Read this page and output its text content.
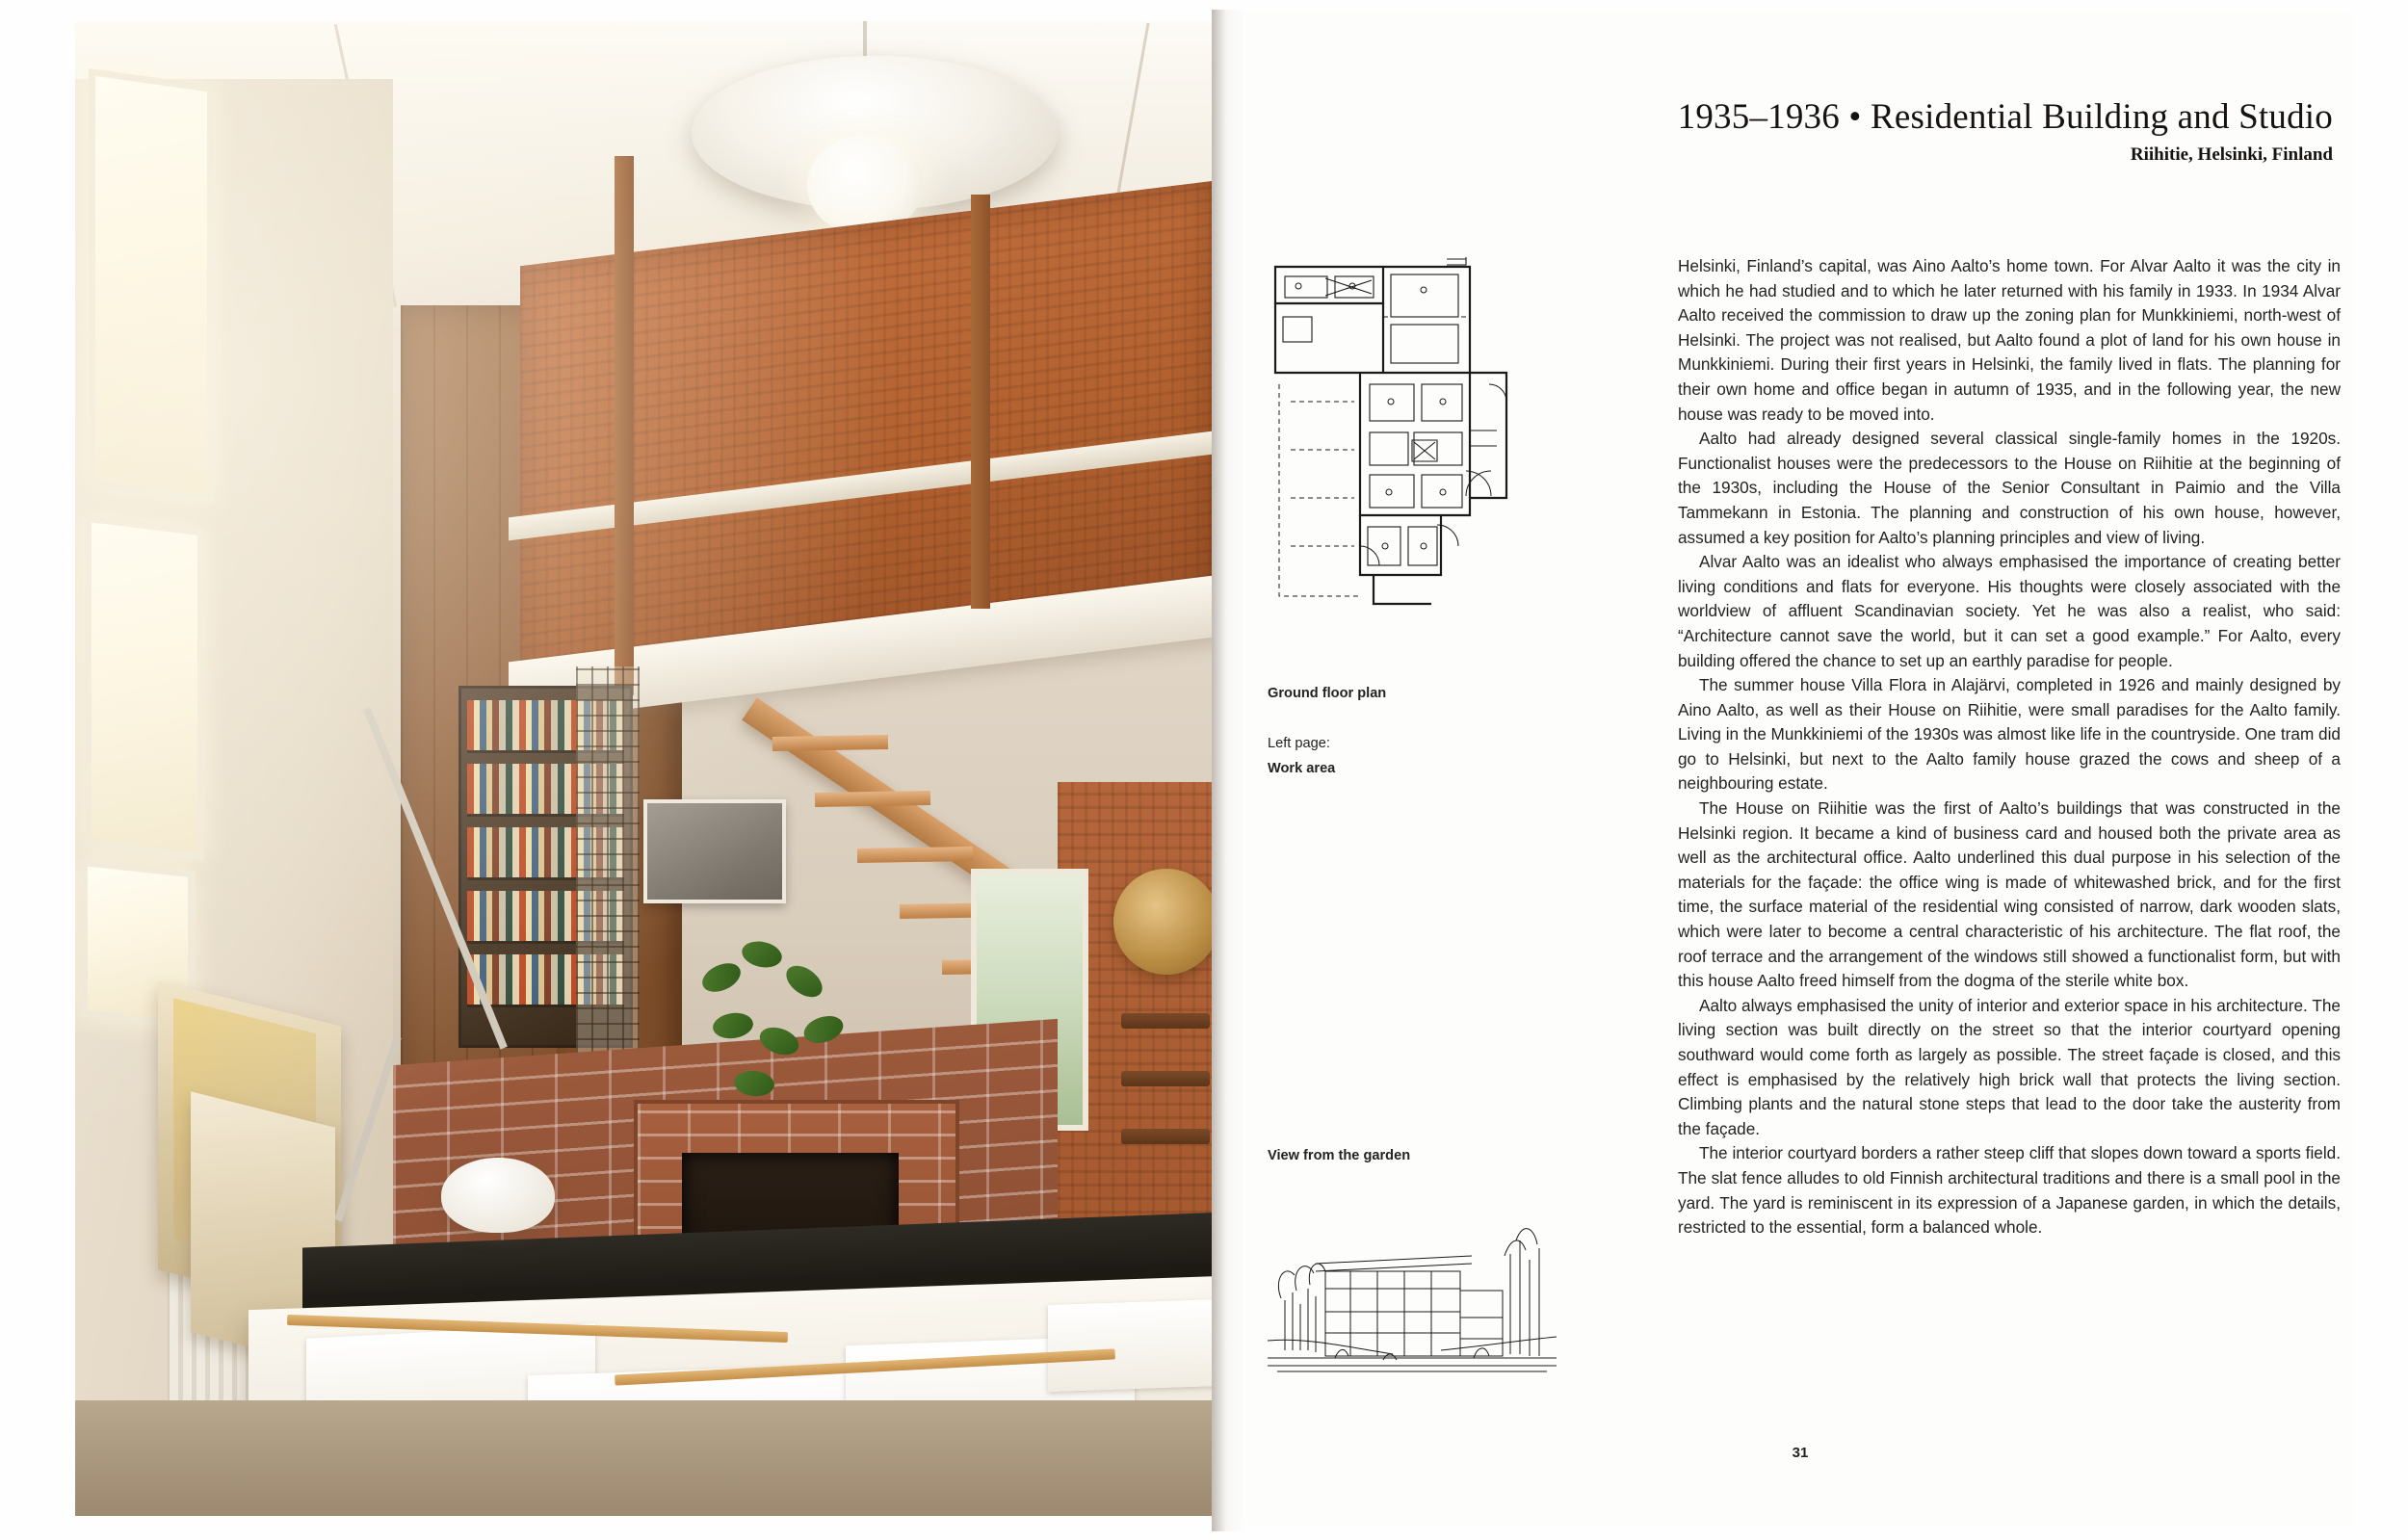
1935–1936 • Residential Building and Studio
Riihitie, Helsinki, Finland
Ground floor plan
Left page:
Work area
View from the garden

Helsinki, Finland’s capital, was Aino Aalto’s home town. For Alvar Aalto it was the city in which he had studied and to which he later returned with his family in 1933. In 1934 Alvar Aalto received the commission to draw up the zoning plan for Munkkiniemi, north-west of Helsinki. The project was not realised, but Aalto found a plot of land for his own house in Munkkiniemi. During their first years in Helsinki, the family lived in flats. The planning for their own home and office began in autumn of 1935, and in the following year, the new house was ready to be moved into.

Aalto had already designed several classical single-family homes in the 1920s. Functionalist houses were the predecessors to the House on Riihitie at the beginning of the 1930s, including the House of the Senior Consultant in Paimio and the Villa Tammekann in Estonia. The planning and construction of his own house, however, assumed a key position for Aalto’s planning principles and view of living.

Alvar Aalto was an idealist who always emphasised the importance of creating better living conditions and flats for everyone. His thoughts were closely associated with the worldview of affluent Scandinavian society. Yet he was also a realist, who said: “Architecture cannot save the world, but it can set a good example.” For Aalto, every building offered the chance to set up an earthly paradise for people.

The summer house Villa Flora in Alajärvi, completed in 1926 and mainly designed by Aino Aalto, as well as their House on Riihitie, were small paradises for the Aalto family. Living in the Munkkiniemi of the 1930s was almost like life in the countryside. One tram did go to Helsinki, but next to the Aalto family house grazed the cows and sheep of a neighbouring estate.

The House on Riihitie was the first of Aalto’s buildings that was constructed in the Helsinki region. It became a kind of business card and housed both the private area as well as the architectural office. Aalto underlined this dual purpose in his selection of the materials for the façade: the office wing is made of whitewashed brick, and for the first time, the surface material of the residential wing consisted of narrow, dark wooden slats, which were later to become a central characteristic of his architecture. The flat roof, the roof terrace and the arrangement of the windows still showed a functionalist form, but with this house Aalto freed himself from the dogma of the sterile white box.

Aalto always emphasised the unity of interior and exterior space in his architecture. The living section was built directly on the street so that the interior courtyard opening southward would come forth as largely as possible. The street façade is closed, and this effect is emphasised by the relatively high brick wall that protects the living section. Climbing plants and the natural stone steps that lead to the door take the austerity from the façade.

The interior courtyard borders a rather steep cliff that slopes down toward a sports field. The slat fence alludes to old Finnish architectural traditions and there is a small pool in the yard. The yard is reminiscent in its expression of a Japanese garden, in which the details, restricted to the essential, form a balanced whole.

31
